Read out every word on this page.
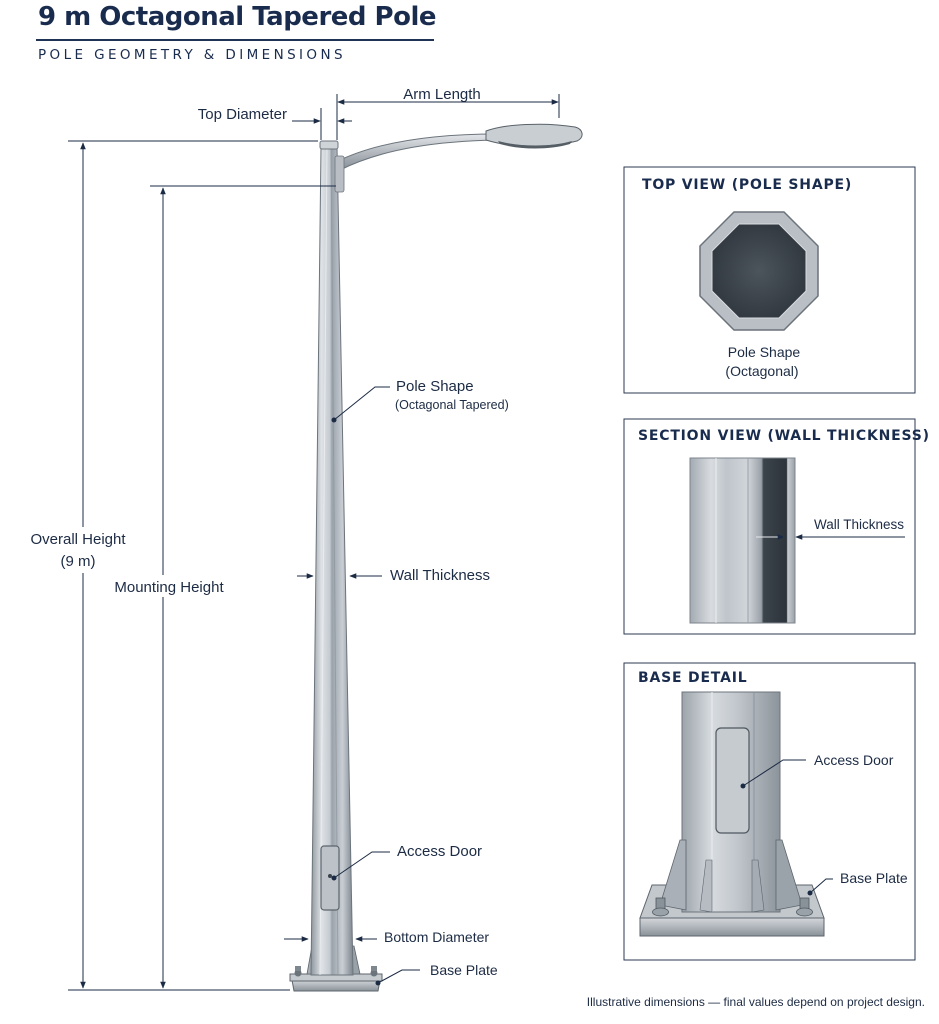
9 m Octagonal Tapered Pole
POLE GEOMETRY & DIMENSIONS
Top Diameter
Arm Length
Overall Height
(9 m)
Mounting Height
Pole Shape
(Octagonal Tapered)
Wall Thickness
Access Door
Bottom Diameter
Base Plate
TOP VIEW (POLE SHAPE)
Pole Shape
(Octagonal)
SECTION VIEW (WALL THICKNESS)
Wall Thickness
BASE DETAIL
Access Door
Base Plate
Illustrative dimensions — final values depend on project design.
